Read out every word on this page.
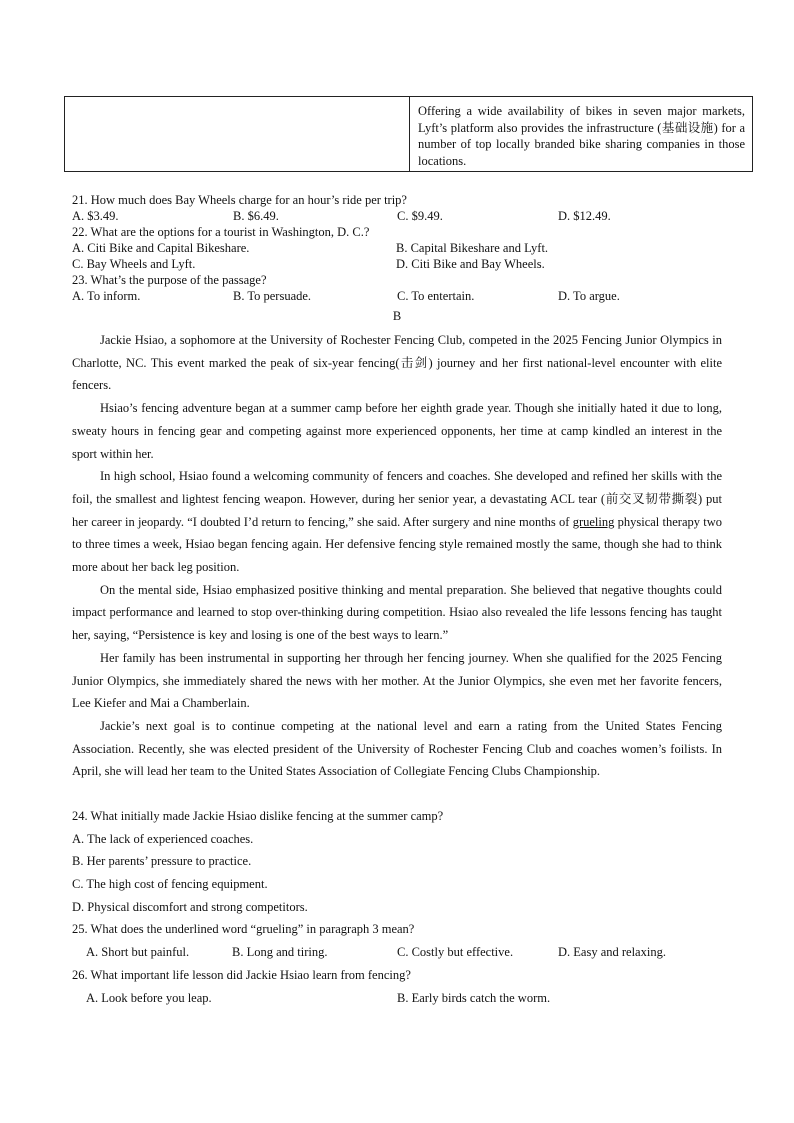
Offering a wide availability of bikes in seven major markets, Lyft’s platform also provides the infrastructure (基础设施) for a number of top locally branded bike sharing companies in those locations.
21. How much does Bay Wheels charge for an hour’s ride per trip?
A. $3.49.	B. $6.49.	C. $9.49.	D. $12.49.
22. What are the options for a tourist in Washington, D. C.?
A. Citi Bike and Capital Bikeshare.	B. Capital Bikeshare and Lyft.
C. Bay Wheels and Lyft.	D. Citi Bike and Bay Wheels.
23. What’s the purpose of the passage?
A. To inform.	B. To persuade.	C. To entertain.	D. To argue.
B

Jackie Hsiao, a sophomore at the University of Rochester Fencing Club, competed in the 2025 Fencing Junior Olympics in Charlotte, NC. This event marked the peak of six-year fencing(击剑) journey and her first national-level encounter with elite fencers.

Hsiao’s fencing adventure began at a summer camp before her eighth grade year. Though she initially hated it due to long, sweaty hours in fencing gear and competing against more experienced opponents, her time at camp kindled an interest in the sport within her.

In high school, Hsiao found a welcoming community of fencers and coaches. She developed and refined her skills with the foil, the smallest and lightest fencing weapon. However, during her senior year, a devastating ACL tear (前交叉韧带撕裂) put her career in jeopardy. “I doubted I’d return to fencing,” she said. After surgery and nine months of grueling physical therapy two to three times a week, Hsiao began fencing again. Her defensive fencing style remained mostly the same, though she had to think more about her back leg position.

On the mental side, Hsiao emphasized positive thinking and mental preparation. She believed that negative thoughts could impact performance and learned to stop over-thinking during competition. Hsiao also revealed the life lessons fencing has taught her, saying, “Persistence is key and losing is one of the best ways to learn.”

Her family has been instrumental in supporting her through her fencing journey. When she qualified for the 2025 Fencing Junior Olympics, she immediately shared the news with her mother. At the Junior Olympics, she even met her favorite fencers, Lee Kiefer and Mai a Chamberlain.

Jackie’s next goal is to continue competing at the national level and earn a rating from the United States Fencing Association. Recently, she was elected president of the University of Rochester Fencing Club and coaches women’s foilists. In April, she will lead her team to the United States Association of Collegiate Fencing Clubs Championship.

24. What initially made Jackie Hsiao dislike fencing at the summer camp?
A. The lack of experienced coaches.
B. Her parents’ pressure to practice.
C. The high cost of fencing equipment.
D. Physical discomfort and strong competitors.
25. What does the underlined word “grueling” in paragraph 3 mean?
A. Short but painful.	B. Long and tiring.	C. Costly but effective.	D. Easy and relaxing.
26. What important life lesson did Jackie Hsiao learn from fencing?
A. Look before you leap.	B. Early birds catch the worm.
